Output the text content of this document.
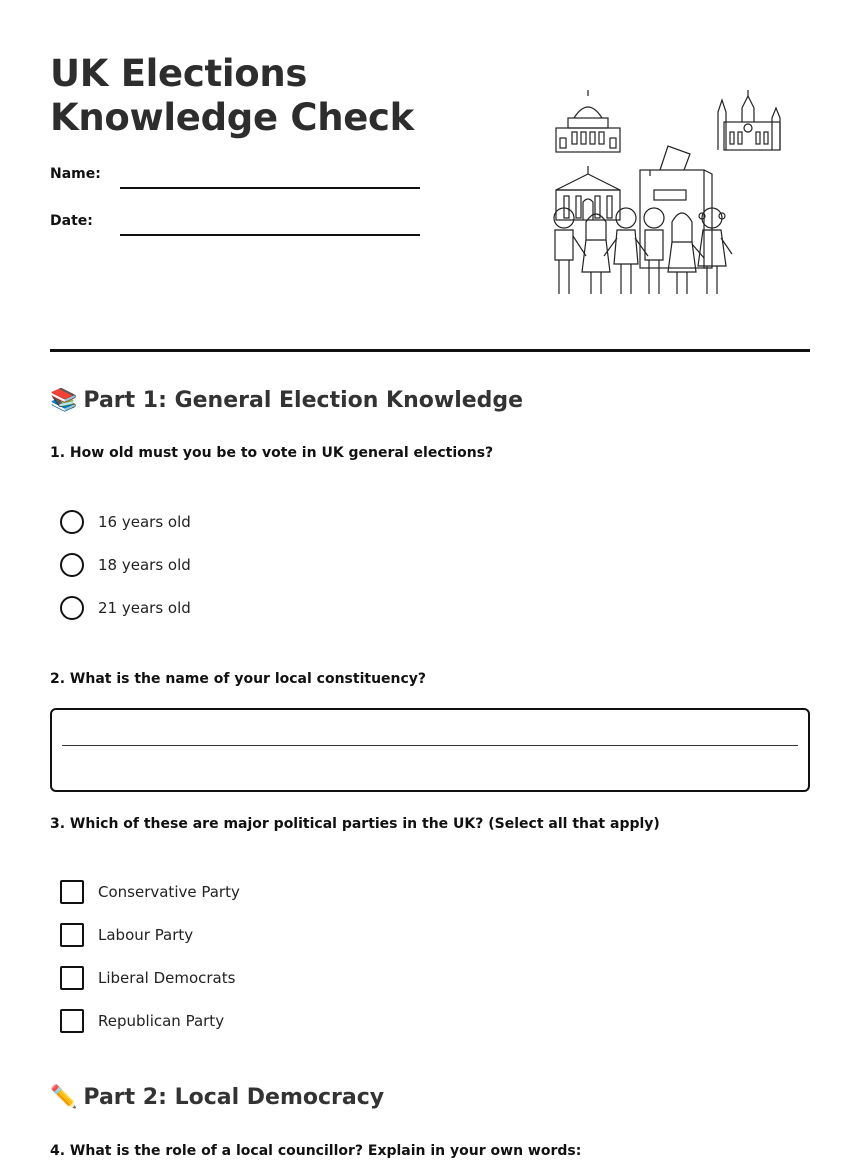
UK Elections Knowledge Check
Name:
Date:
📚 Part 1: General Election Knowledge

1. How old must you be to vote in UK general elections?

16 years old
18 years old
21 years old

2. What is the name of your local constituency?

3. Which of these are major political parties in the UK? (Select all that apply)

Conservative Party
Labour Party
Liberal Democrats
Republican Party
✏️ Part 2: Local Democracy

4. What is the role of a local councillor? Explain in your own words:
